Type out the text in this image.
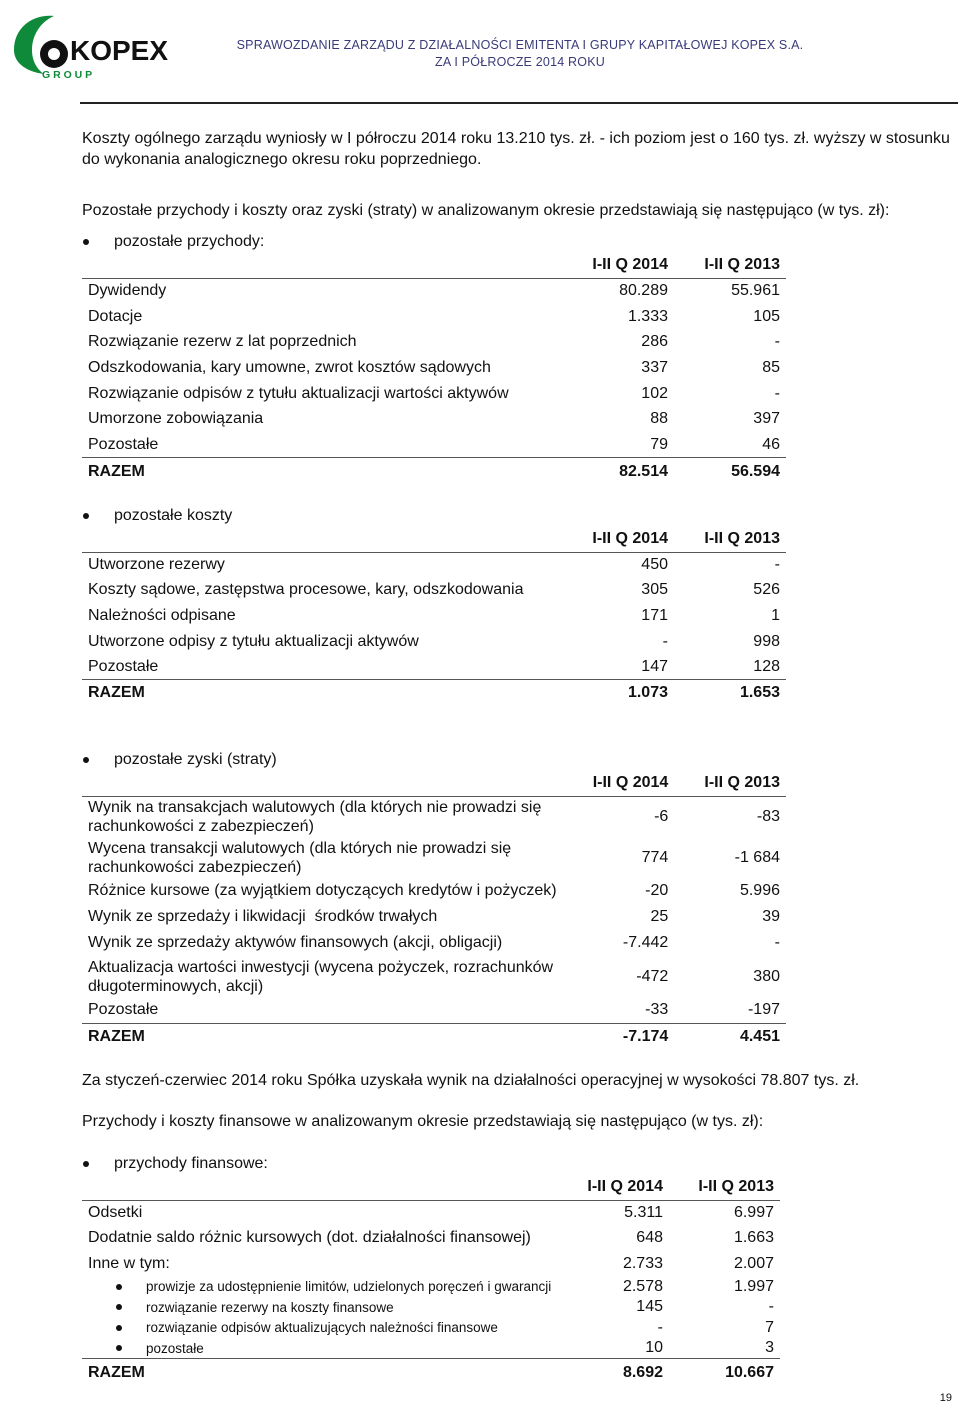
KOPEX
G R O U P
SPRAWOZDANIE ZARZĄDU Z DZIAŁALNOŚCI EMITENTA I GRUPY KAPITAŁOWEJ KOPEX S.A.
ZA I PÓŁROCZE 2014 ROKU
Koszty ogólnego zarządu wyniosły w I półroczu 2014 roku 13.210 tys. zł. - ich poziom jest o 160 tys. zł. wyższy w stosunku do wykonania analogicznego okresu roku poprzedniego.
Pozostałe przychody i koszty oraz zyski (straty) w analizowanym okresie przedstawiają się następująco (w tys. zł):
pozostałe przychody:
	I-II Q 2014	I-II Q 2013
Dywidendy	80.289	55.961
Dotacje	1.333	105
Rozwiązanie rezerw z lat poprzednich	286	-
Odszkodowania, kary umowne, zwrot kosztów sądowych	337	85
Rozwiązanie odpisów z tytułu aktualizacji wartości aktywów	102	-
Umorzone zobowiązania	88	397
Pozostałe	79	46
RAZEM	82.514	56.594
pozostałe koszty
	I-II Q 2014	I-II Q 2013
Utworzone rezerwy	450	-
Koszty sądowe, zastępstwa procesowe, kary, odszkodowania	305	526
Należności odpisane	171	1
Utworzone odpisy z tytułu aktualizacji aktywów	-	998
Pozostałe	147	128
RAZEM	1.073	1.653
pozostałe zyski (straty)
	I-II Q 2014	I-II Q 2013
Wynik na transakcjach walutowych (dla których nie prowadzi się rachunkowości z zabezpieczeń)	-6	-83
Wycena transakcji walutowych (dla których nie prowadzi się rachunkowości zabezpieczeń)	774	-1 684
Różnice kursowe (za wyjątkiem dotyczących kredytów i pożyczek)	-20	5.996
Wynik ze sprzedaży i likwidacji  środków trwałych	25	39
Wynik ze sprzedaży aktywów finansowych (akcji, obligacji)	-7.442	-
Aktualizacja wartości inwestycji (wycena pożyczek, rozrachunków długoterminowych, akcji)	-472	380
Pozostałe	-33	-197
RAZEM	-7.174	4.451
Za styczeń-czerwiec 2014 roku Spółka uzyskała wynik na działalności operacyjnej w wysokości 78.807 tys. zł.
Przychody i koszty finansowe w analizowanym okresie przedstawiają się następująco (w tys. zł):
przychody finansowe:
	I-II Q 2014	I-II Q 2013
Odsetki	5.311	6.997
Dodatnie saldo różnic kursowych (dot. działalności finansowej)	648	1.663
Inne w tym:	2.733	2.007

prowizje za udostępnienie limitów, udzielonych poręczeń i gwarancji	2.578	1.997

rozwiązanie rezerwy na koszty finansowe	145	-

rozwiązanie odpisów aktualizujących należności finansowe	-	7

pozostałe	10	3
RAZEM	8.692	10.667
19
